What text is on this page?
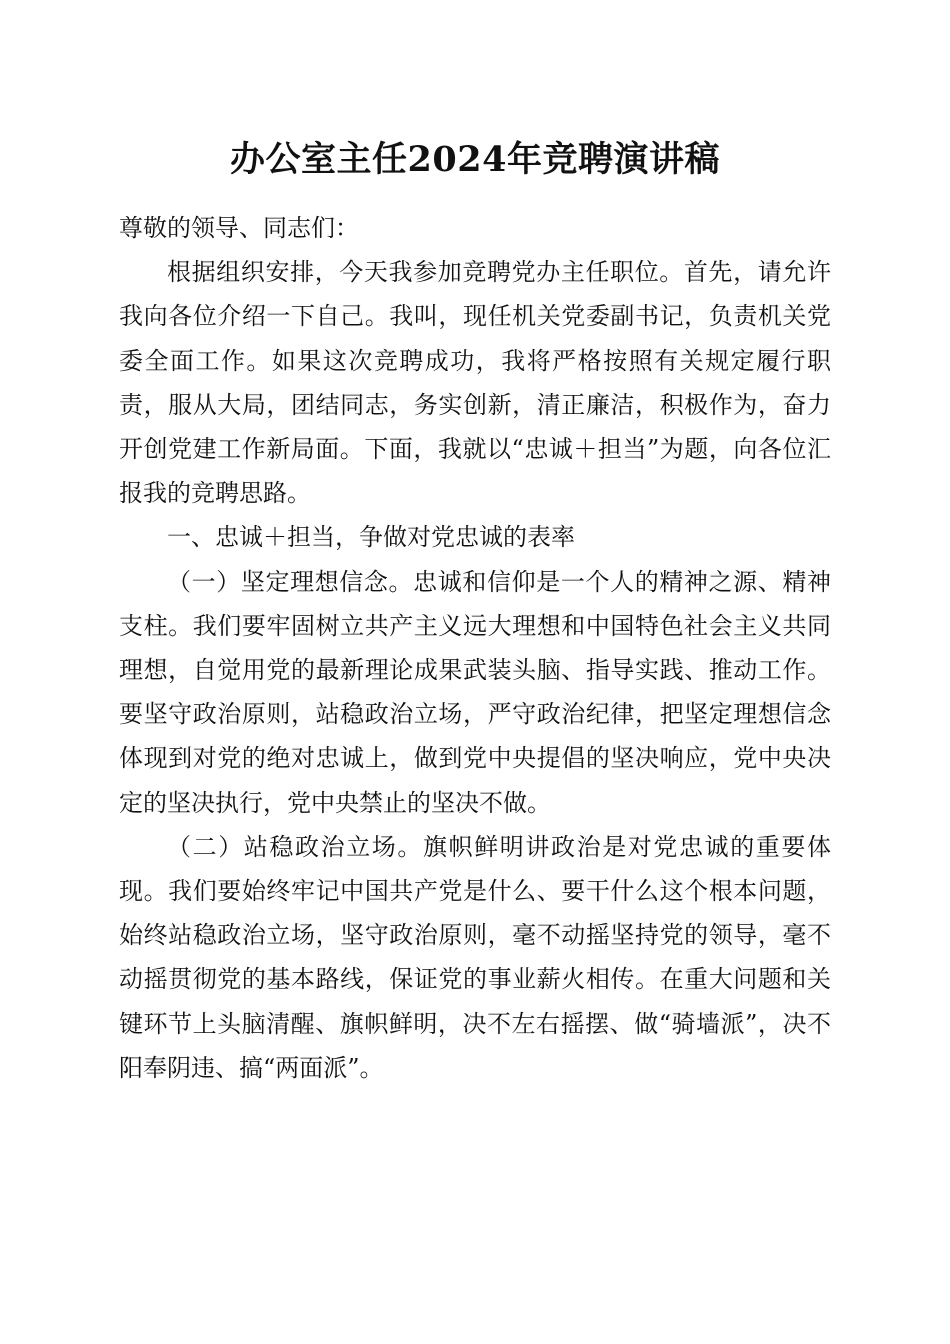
办公室主任2024年竞聘演讲稿

尊敬的领导、同志们：

根据组织安排，今天我参加竞聘党办主任职位。首先，请允许我向各位介绍一下自己。我叫，现任机关党委副书记，负责机关党委全面工作。如果这次竞聘成功，我将严格按照有关规定履行职责，服从大局，团结同志，务实创新，清正廉洁，积极作为，奋力开创党建工作新局面。下面，我就以“忠诚＋担当”为题，向各位汇报我的竞聘思路。

一、忠诚＋担当，争做对党忠诚的表率

（一）坚定理想信念。忠诚和信仰是一个人的精神之源、精神支柱。我们要牢固树立共产主义远大理想和中国特色社会主义共同理想，自觉用党的最新理论成果武装头脑、指导实践、推动工作。要坚守政治原则，站稳政治立场，严守政治纪律，把坚定理想信念体现到对党的绝对忠诚上，做到党中央提倡的坚决响应，党中央决定的坚决执行，党中央禁止的坚决不做。

（二）站稳政治立场。旗帜鲜明讲政治是对党忠诚的重要体现。我们要始终牢记中国共产党是什么、要干什么这个根本问题，始终站稳政治立场，坚守政治原则，毫不动摇坚持党的领导，毫不动摇贯彻党的基本路线，保证党的事业薪火相传。在重大问题和关键环节上头脑清醒、旗帜鲜明，决不左右摇摆、做“骑墙派”，决不阳奉阴违、搞“两面派”。
